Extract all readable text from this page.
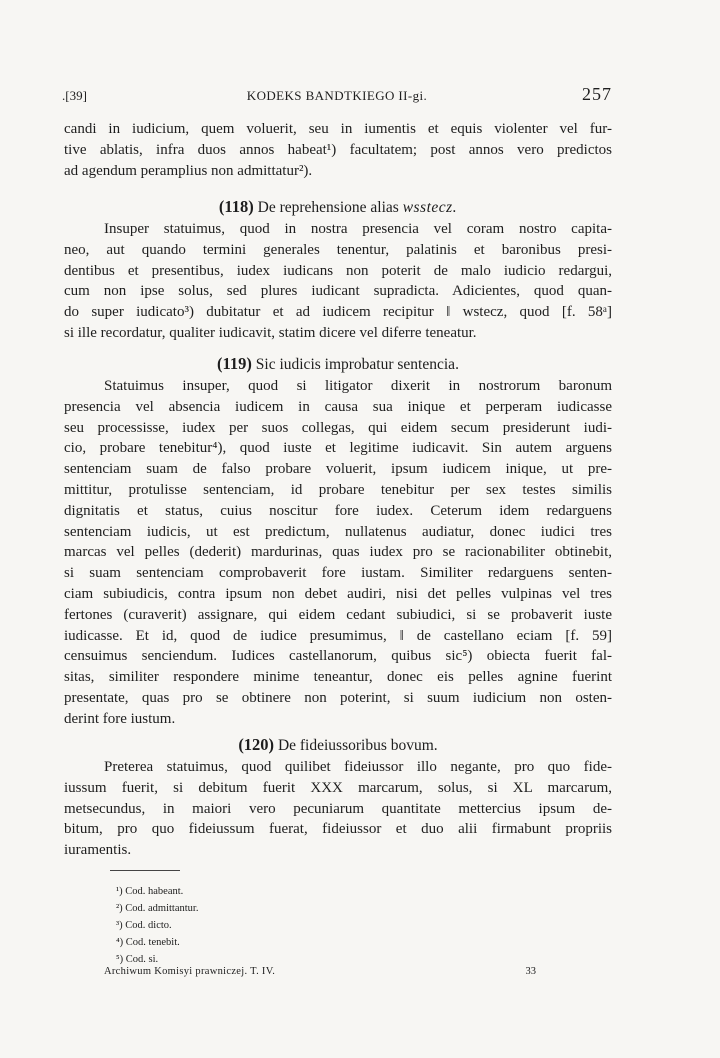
.[39]	KODEKS BANDTKIEGO II-gi.	257
candi in iudicium, quem voluerit, seu in iumentis et equis violenter vel fur-
tive ablatis, infra duos annos habeat¹) facultatem; post annos vero predictos
ad agendum peramplius non admittatur²).
(118) De reprehensione alias wsstecz.
Insuper statuimus, quod in nostra presencia vel coram nostro capita-
neo, aut quando termini generales tenentur, palatinis et baronibus presi-
dentibus et presentibus, iudex iudicans non poterit de malo iudicio redargui,
cum non ipse solus, sed plures iudicant supradicta. Adicientes, quod quan-
do super iudicato³) dubitatur et ad iudicem recipitur ‖ wstecz, quod [f. 58ᵃ]
si ille recordatur, qualiter iudicavit, statim dicere vel diferre teneatur.
(119) Sic iudicis improbatur sentencia.
Statuimus insuper, quod si litigator dixerit in nostrorum baronum
presencia vel absencia iudicem in causa sua inique et perperam iudicasse
seu processisse, iudex per suos collegas, qui eidem secum presiderunt iudi-
cio, probare tenebitur⁴), quod iuste et legitime iudicavit. Sin autem arguens
sentenciam suam de falso probare voluerit, ipsum iudicem inique, ut pre-
mittitur, protulisse sentenciam, id probare tenebitur per sex testes similis
dignitatis et status, cuius noscitur fore iudex. Ceterum idem redarguens
sentenciam iudicis, ut est predictum, nullatenus audiatur, donec iudici tres
marcas vel pelles (dederit) mardurinas, quas iudex pro se racionabiliter obtinebit,
si suam sentenciam comprobaverit fore iustam. Similiter redarguens senten-
ciam subiudicis, contra ipsum non debet audiri, nisi det pelles vulpinas vel tres
fertones (curaverit) assignare, qui eidem cedant subiudici, si se probaverit iuste
iudicasse. Et id, quod de iudice presumimus, ‖ de castellano eciam [f. 59]
censuimus senciendum. Iudices castellanorum, quibus sic⁵) obiecta fuerit fal-
sitas, similiter respondere minime teneantur, donec eis pelles agnine fuerint
presentate, quas pro se obtinere non poterint, si suum iudicium non osten-
derint fore iustum.
(120) De fideiussoribus bovum.
Preterea statuimus, quod quilibet fideiussor illo negante, pro quo fide-
iussum fuerit, si debitum fuerit XXX marcarum, solus, si XL marcarum,
metsecundus, in maiori vero pecuniarum quantitate mettercius ipsum de-
bitum, pro quo fideiussum fuerat, fideiussor et duo alii firmabunt propriis
iuramentis.
¹) Cod. habeant.
²) Cod. admittantur.
³) Cod. dicto.
⁴) Cod. tenebit.
⁵) Cod. si.
Archiwum Komisyi prawniczej. T. IV.	33
